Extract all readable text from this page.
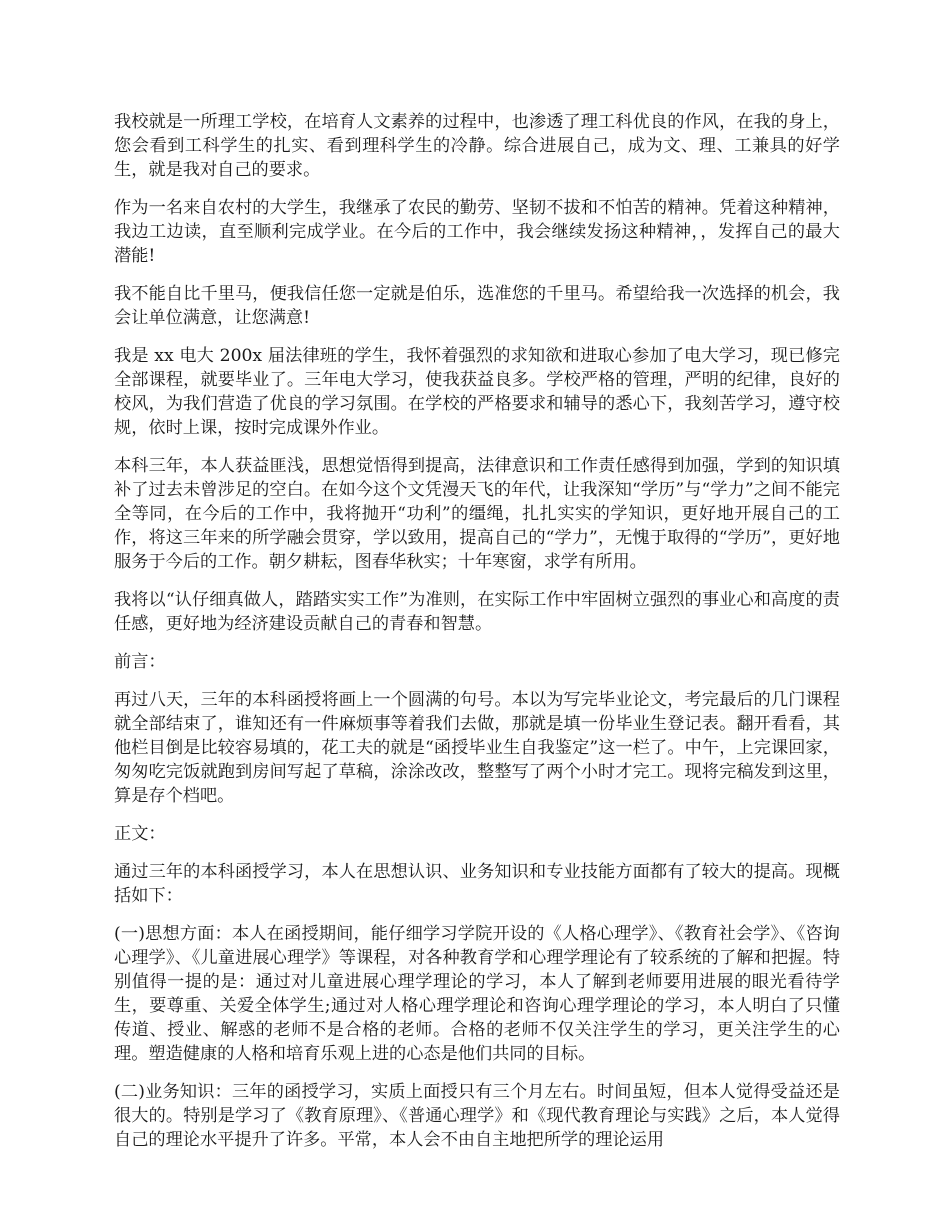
我校就是一所理工学校，在培育人文素养的过程中，也渗透了理工科优良的作风，在我的身上，您会看到工科学生的扎实、看到理科学生的冷静。综合进展自己，成为文、理、工兼具的好学生，就是我对自己的要求。

作为一名来自农村的大学生，我继承了农民的勤劳、坚韧不拔和不怕苦的精神。凭着这种精神，我边工边读，直至顺利完成学业。在今后的工作中，我会继续发扬这种精神，，发挥自己的最大潜能!

我不能自比千里马，便我信任您一定就是伯乐，选准您的千里马。希望给我一次选择的机会，我会让单位满意，让您满意!

我是 xx 电大 200x 届法律班的学生，我怀着强烈的求知欲和进取心参加了电大学习，现已修完全部课程，就要毕业了。三年电大学习，使我获益良多。学校严格的管理，严明的纪律，良好的校风，为我们营造了优良的学习氛围。在学校的严格要求和辅导的悉心下，我刻苦学习，遵守校规，依时上课，按时完成课外作业。

本科三年，本人获益匪浅，思想觉悟得到提高，法律意识和工作责任感得到加强，学到的知识填补了过去未曾涉足的空白。在如今这个文凭漫天飞的年代，让我深知“学历”与“学力”之间不能完全等同，在今后的工作中，我将抛开“功利”的缰绳，扎扎实实的学知识，更好地开展自己的工作，将这三年来的所学融会贯穿，学以致用，提高自己的“学力”，无愧于取得的“学历”，更好地服务于今后的工作。朝夕耕耘，图春华秋实；十年寒窗，求学有所用。

我将以“认仔细真做人，踏踏实实工作”为准则，在实际工作中牢固树立强烈的事业心和高度的责任感，更好地为经济建设贡献自己的青春和智慧。

前言：

再过八天，三年的本科函授将画上一个圆满的句号。本以为写完毕业论文，考完最后的几门课程就全部结束了，谁知还有一件麻烦事等着我们去做，那就是填一份毕业生登记表。翻开看看，其他栏目倒是比较容易填的，花工夫的就是“函授毕业生自我鉴定”这一栏了。中午，上完课回家，匆匆吃完饭就跑到房间写起了草稿，涂涂改改，整整写了两个小时才完工。现将完稿发到这里，算是存个档吧。

正文：

通过三年的本科函授学习，本人在思想认识、业务知识和专业技能方面都有了较大的提高。现概括如下：

(一)思想方面：本人在函授期间，能仔细学习学院开设的《人格心理学》、《教育社会学》、《咨询心理学》、《儿童进展心理学》等课程，对各种教育学和心理学理论有了较系统的了解和把握。特别值得一提的是：通过对儿童进展心理学理论的学习，本人了解到老师要用进展的眼光看待学生，要尊重、关爱全体学生;通过对人格心理学理论和咨询心理学理论的学习，本人明白了只懂传道、授业、解惑的老师不是合格的老师。合格的老师不仅关注学生的学习，更关注学生的心理。塑造健康的人格和培育乐观上进的心态是他们共同的目标。

(二)业务知识：三年的函授学习，实质上面授只有三个月左右。时间虽短，但本人觉得受益还是很大的。特别是学习了《教育原理》、《普通心理学》和《现代教育理论与实践》之后，本人觉得自己的理论水平提升了许多。平常，本人会不由自主地把所学的理论运用
